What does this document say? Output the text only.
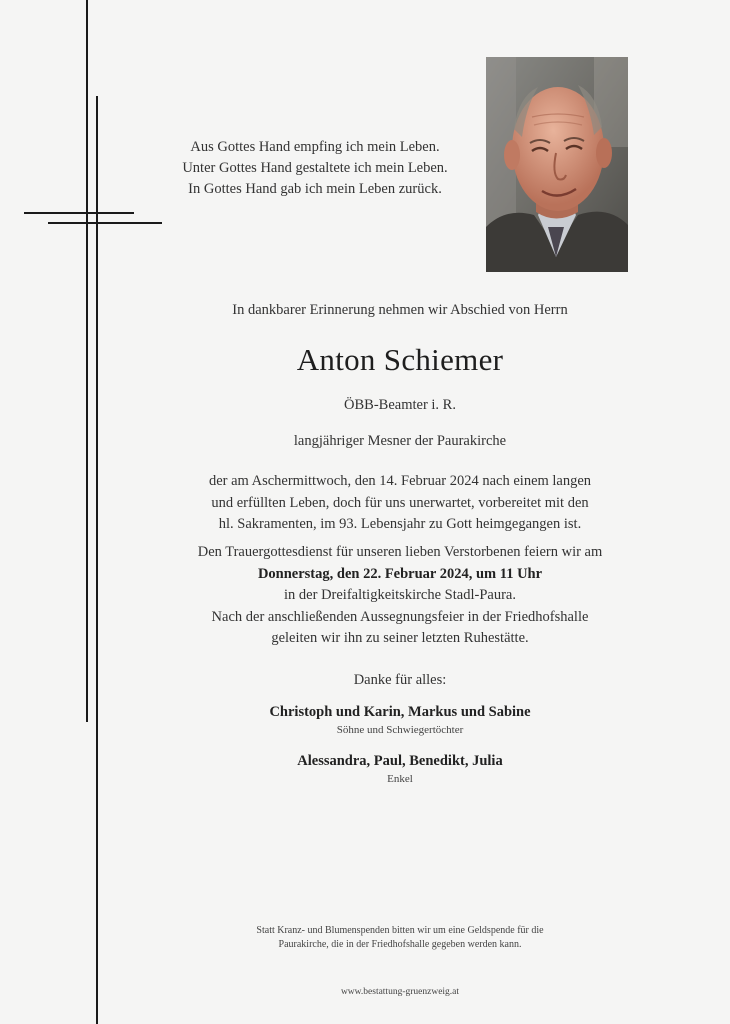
Aus Gottes Hand empfing ich mein Leben.
Unter Gottes Hand gestaltete ich mein Leben.
In Gottes Hand gab ich mein Leben zurück.
In dankbarer Erinnerung nehmen wir Abschied von Herrn
Anton Schiemer
ÖBB-Beamter i. R.
langjähriger Mesner der Paurakirche
der am Aschermittwoch, den 14. Februar 2024 nach einem langen
und erfüllten Leben, doch für uns unerwartet, vorbereitet mit den
hl. Sakramenten, im 93. Lebensjahr zu Gott heimgegangen ist.
Den Trauergottesdienst für unseren lieben Verstorbenen feiern wir am
Donnerstag, den 22. Februar 2024, um 11 Uhr
in der Dreifaltigkeitskirche Stadl-Paura.
Nach der anschließenden Aussegnungsfeier in der Friedhofshalle
geleiten wir ihn zu seiner letzten Ruhestätte.
Danke für alles:
Christoph und Karin, Markus und Sabine
Söhne und Schwiegertöchter
Alessandra, Paul, Benedikt, Julia
Enkel
Statt Kranz- und Blumenspenden bitten wir um eine Geldspende für die
Paurakirche, die in der Friedhofshalle gegeben werden kann.
www.bestattung-gruenzweig.at
